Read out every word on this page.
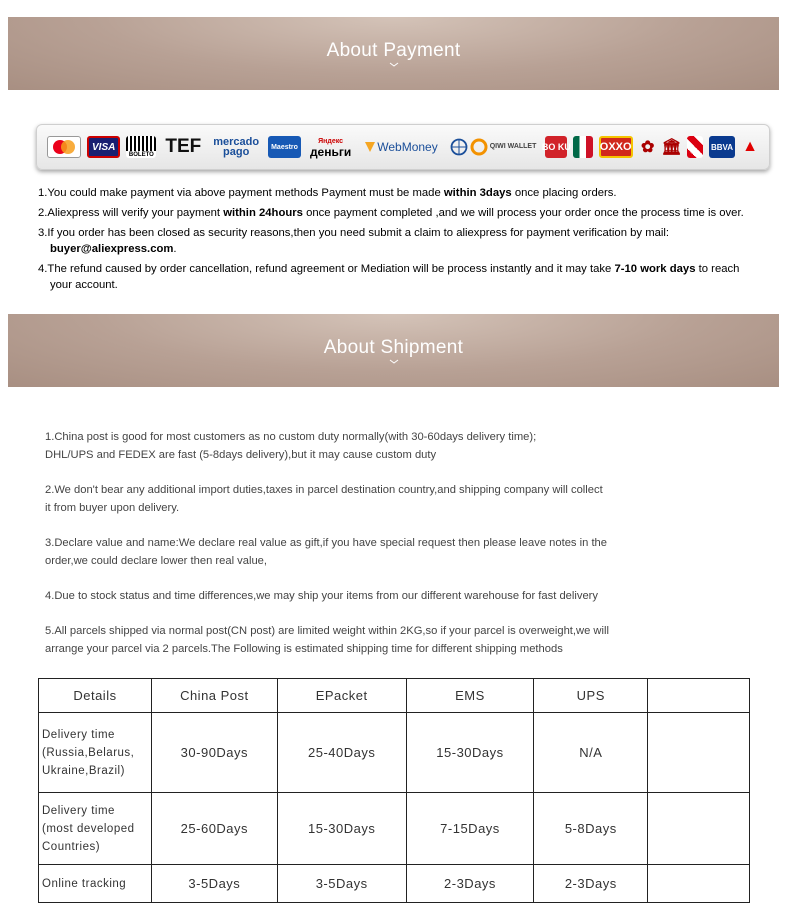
About Payment
VISA
BOLETO TEF mercado
pago	Maestro
Яндекс
деньги WebMoney	QIWI WALLET BO KU	OXXO ✿ 🏛	BBVA ▲

1.You could make payment via above payment methods Payment must be made within 3days once placing orders.

2.Aliexpress will verify your payment within 24hours once payment completed ,and we will process your order once the process time is over.

3.If you order has been closed as security reasons,then you need submit a claim to aliexpress for payment verification by mail:
buyer@aliexpress.com.

4.The refund caused by order cancellation, refund agreement or Mediation will be process instantly and it may take 7-10 work days to reach
your account.

About Shipment

1.China post is good for most customers as no custom duty normally(with 30-60days delivery time);
DHL/UPS and FEDEX are fast (5-8days delivery),but it may cause custom duty

2.We don't bear any additional import duties,taxes in parcel destination country,and shipping company will collect
it from buyer upon delivery.

3.Declare value and name:We declare real value as gift,if you have special request then please leave notes in the
order,we could declare lower then real value,

4.Due to stock status and time differences,we may ship your items from our different warehouse for fast delivery

5.All parcels shipped via normal post(CN post) are limited weight within 2KG,so if your parcel is overweight,we will
arrange your parcel via 2 parcels.The Following is estimated shipping time for different shipping methods

Details	China Post	EPacket	EMS	UPS	
Delivery time
(Russia,Belarus,
Ukraine,Brazil)	30-90Days	25-40Days	15-30Days	N/A	
Delivery time
(most developed
Countries)	25-60Days	15-30Days	7-15Days	5-8Days	
Online tracking	3-5Days	3-5Days	2-3Days	2-3Days	
